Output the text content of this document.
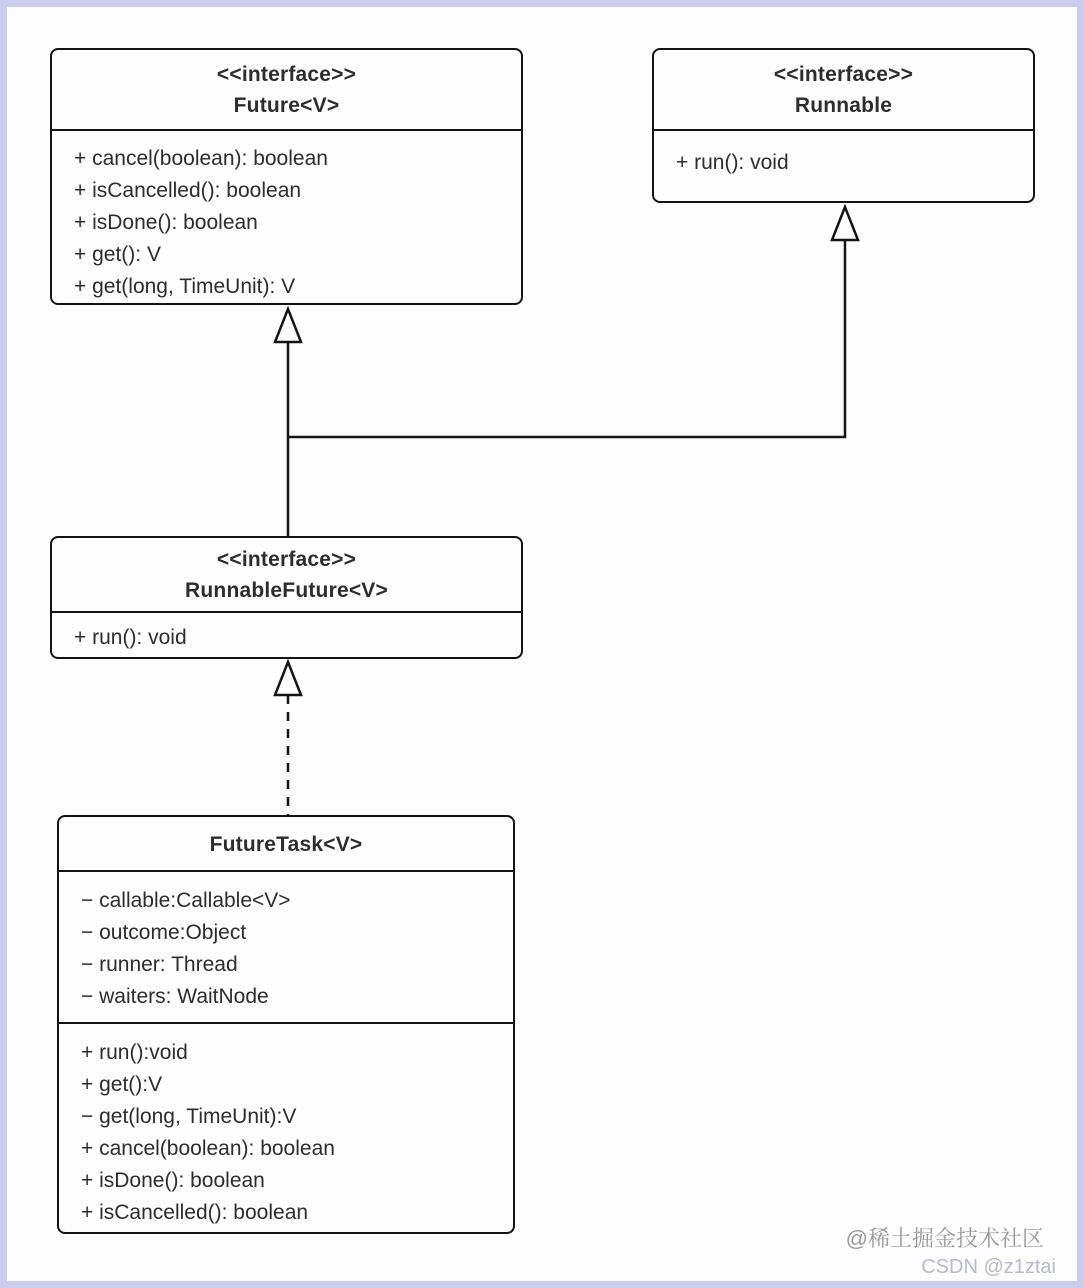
<<interface>>
Future<V>
+ cancel(boolean): boolean
+ isCancelled(): boolean
+ isDone(): boolean
+ get(): V
+ get(long, TimeUnit): V
<<interface>>
Runnable
+ run(): void
<<interface>>
RunnableFuture<V>
+ run(): void
FutureTask<V>
− callable:Callable<V>
− outcome:Object
− runner: Thread
− waiters: WaitNode
+ run():void
+ get():V
− get(long, TimeUnit):V
+ cancel(boolean): boolean
+ isDone(): boolean
+ isCancelled(): boolean
@稀土掘金技术社区
CSDN @z1ztai
